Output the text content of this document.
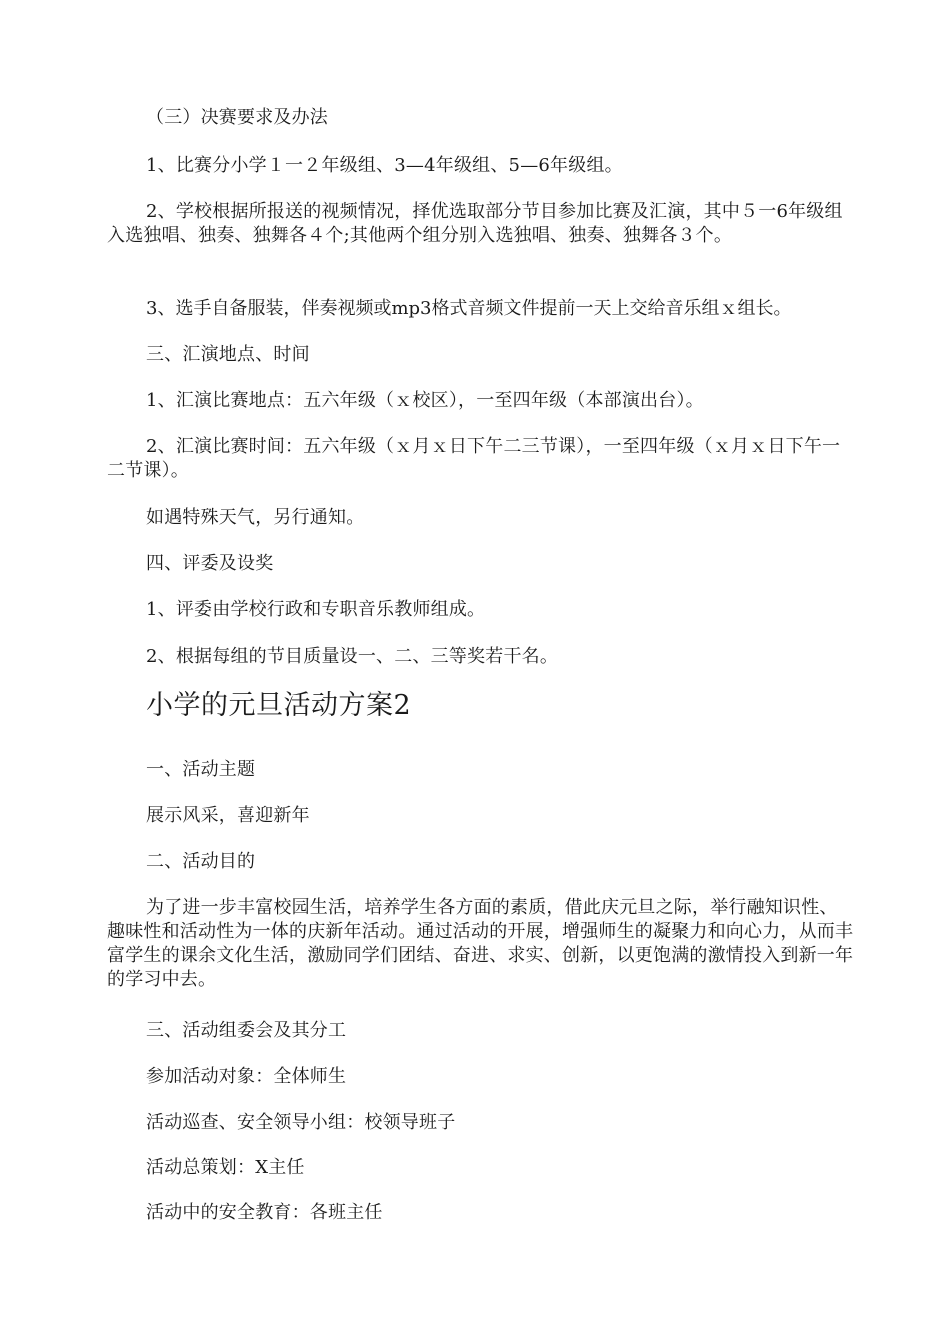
（三）决赛要求及办法

1、比赛分小学１一２年级组、3—4年级组、5—6年级组。

2、学校根据所报送的视频情况，择优选取部分节目参加比赛及汇演，其中５一6年级组入选独唱、独奏、独舞各４个;其他两个组分别入选独唱、独奏、独舞各３个。

3、选手自备服装，伴奏视频或mp3格式音频文件提前一天上交给音乐组ｘ组长。

三、汇演地点、时间

1、汇演比赛地点：五六年级（ｘ校区），一至四年级（本部演出台）。

2、汇演比赛时间：五六年级（ｘ月ｘ日下午二三节课），一至四年级（ｘ月ｘ日下午一二节课）。

如遇特殊天气，另行通知。

四、评委及设奖

1、评委由学校行政和专职音乐教师组成。

2、根据每组的节目质量设一、二、三等奖若干名。

小学的元旦活动方案2

一、活动主题

展示风采，喜迎新年

二、活动目的

为了进一步丰富校园生活，培养学生各方面的素质，借此庆元旦之际，举行融知识性、趣味性和活动性为一体的庆新年活动。通过活动的开展，增强师生的凝聚力和向心力，从而丰富学生的课余文化生活，激励同学们团结、奋进、求实、创新，以更饱满的激情投入到新一年的学习中去。

三、活动组委会及其分工

参加活动对象：全体师生

活动巡查、安全领导小组：校领导班子

活动总策划：X主任

活动中的安全教育：各班主任
